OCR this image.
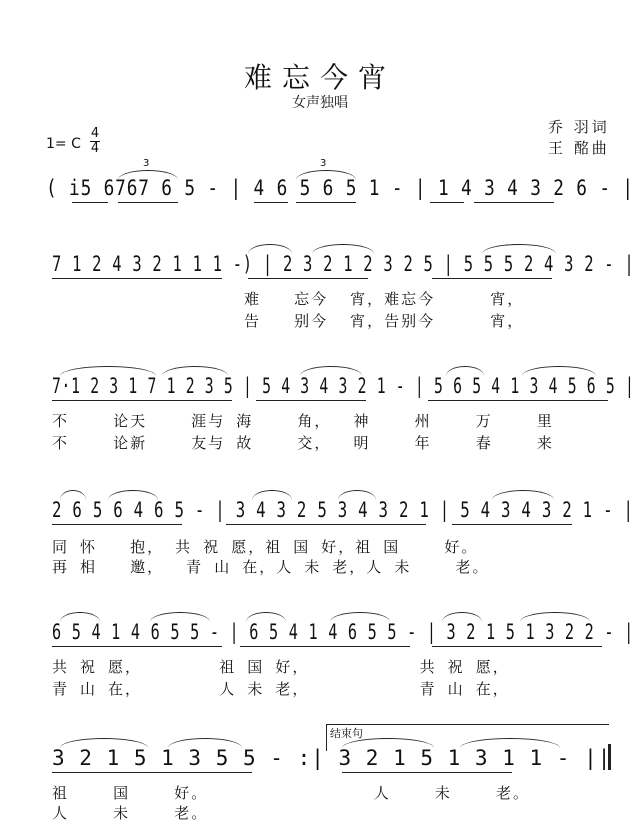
难忘今宵
女声独唱
1= C
4
4
乔 羽词
王 酩曲
( i5 6767 6 5 - | 4 6 5 6 5 1 - | 1 4 3 4 3 2 6 - |
7 1 2 4 3 2 1 1 1 -) | 2 3 2 1 2 3 2 5 | 5 5 5 2 4 3 2 - |
难   忘今  宵，难忘今     宵，
告   别今  宵，告别今     宵，
7·1 2 3 1 7 1 2 3 5 | 5 4 3 4 3 2 1 - | 5 6 5 4 1 3 4 5 6 5 |
不    论天    涯与 海    角，  神    州    万    里
不    论新    友与 故    交，  明    年    春    来
2 6 5 6 4 6 5 - | 3 4 3 2 5 3 4 3 2 1 | 5 4 3 4 3 2 1 - |
同 怀   抱， 共 祝 愿，祖 国 好，祖 国    好。
再 相   邀，  青 山 在，人 未 老，人 未    老。
6 5 4 1 4 6 5 5 - | 6 5 4 1 4 6 5 5 - | 3 2 1 5 1 3 2 2 - |
共 祝 愿，       祖 国 好，          共 祝 愿，
青 山 在，       人 未 老，          青 山 在，
结束句
3 2 1 5 1 3 5 5 - :| 3 2 1 5 1 3 1 1 - ||
祖    国    好。               人    未    老。
人    未    老。
3	3
